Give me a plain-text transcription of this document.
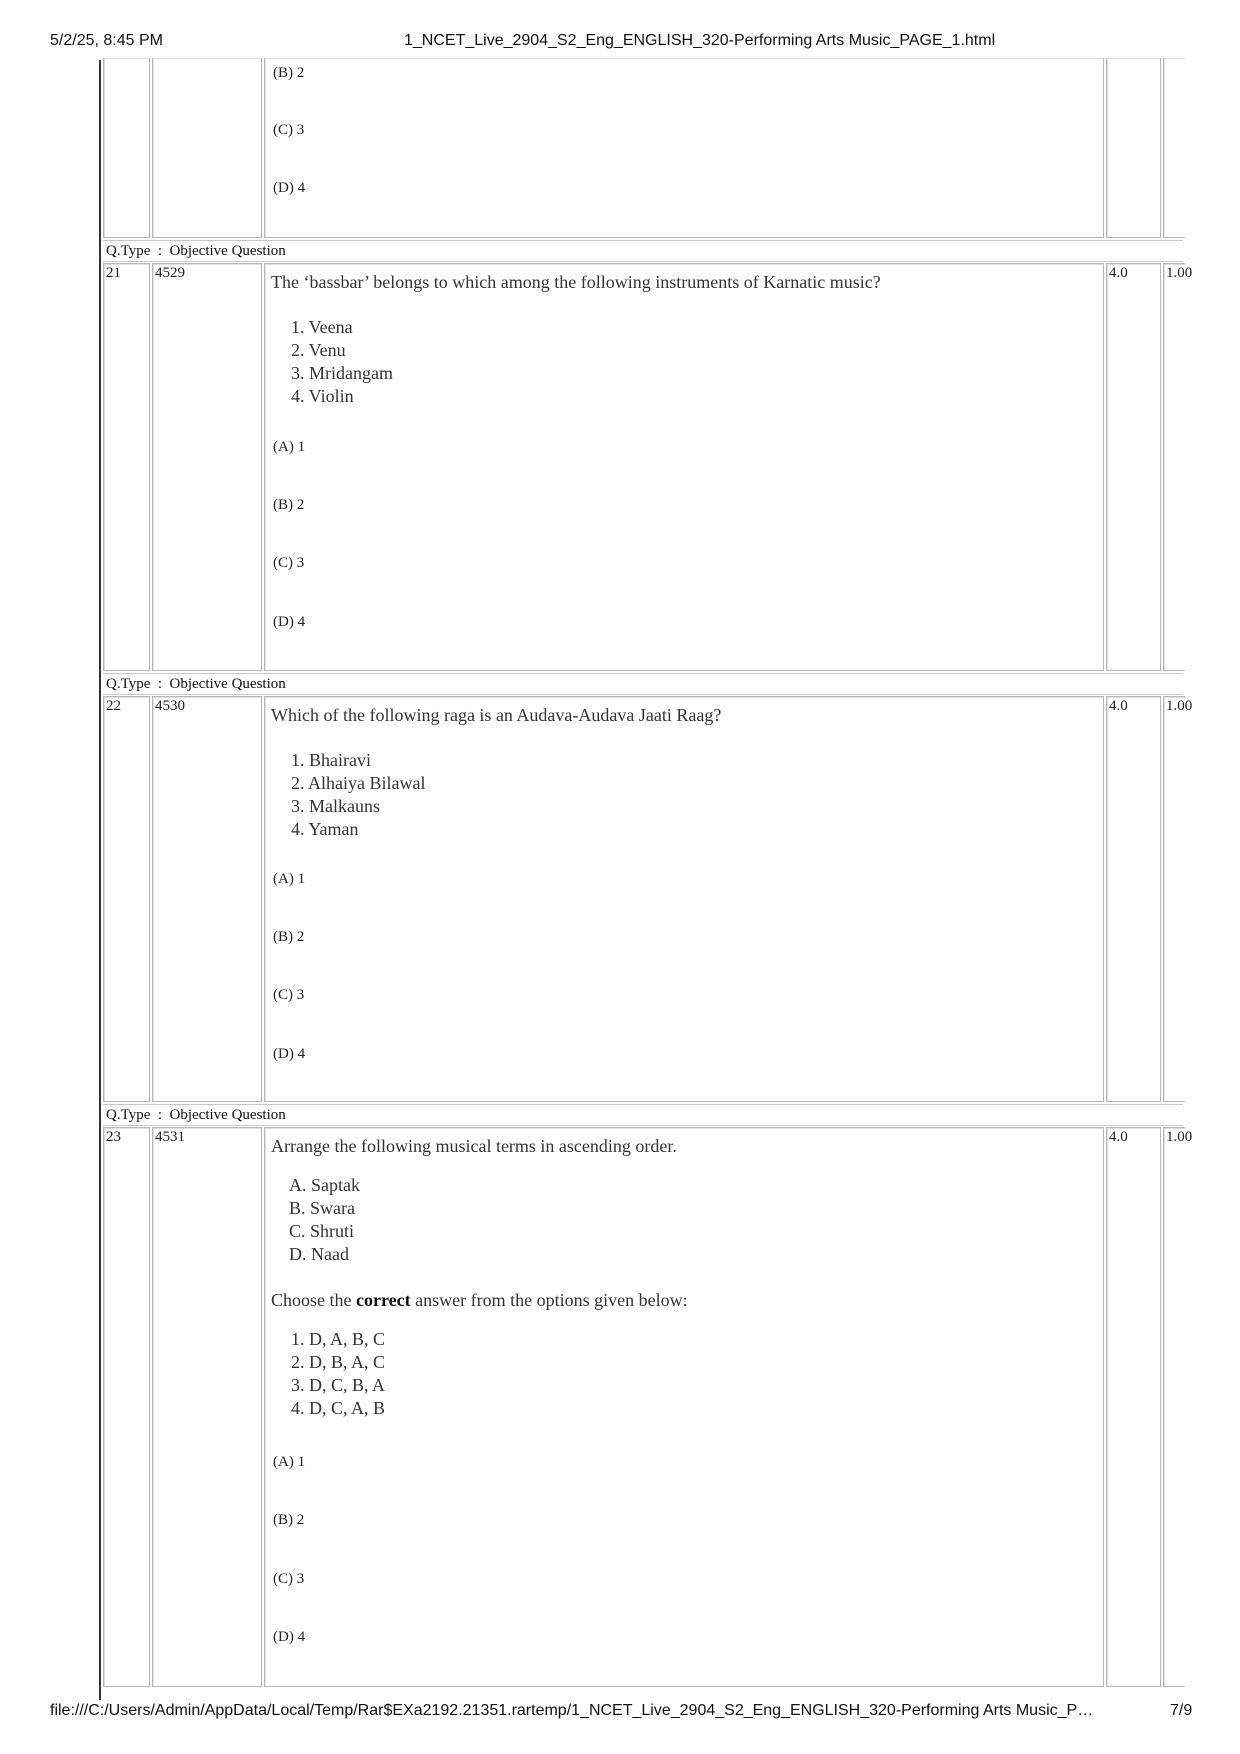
5/2/25, 8:45 PM	1_NCET_Live_2904_S2_Eng_ENGLISH_320-Performing Arts Music_PAGE_1.html
(B) 2
(C) 3
(D) 4
Q.Type  :  Objective Question
21 4529	The ‘bassbar’ belongs to which among the following instruments of Karnatic music?
1. Veena
2. Venu
3. Mridangam
4. Violin
(A) 1
(B) 2
(C) 3
(D) 4
4.0	1.00
Q.Type  :  Objective Question
22 4530	Which of the following raga is an Audava-Audava Jaati Raag?
1. Bhairavi
2. Alhaiya Bilawal
3. Malkauns
4. Yaman
(A) 1
(B) 2
(C) 3
(D) 4
4.0	1.00
Q.Type  :  Objective Question
23 4531	Arrange the following musical terms in ascending order.
A. Saptak
B. Swara
C. Shruti
D. Naad
Choose the correct answer from the options given below:
1. D, A, B, C
2. D, B, A, C
3. D, C, B, A
4. D, C, A, B
(A) 1
(B) 2
(C) 3
(D) 4
4.0	1.00
file:///C:/Users/Admin/AppData/Local/Temp/Rar$EXa2192.21351.rartemp/1_NCET_Live_2904_S2_Eng_ENGLISH_320-Performing Arts Music_P…	7/9
